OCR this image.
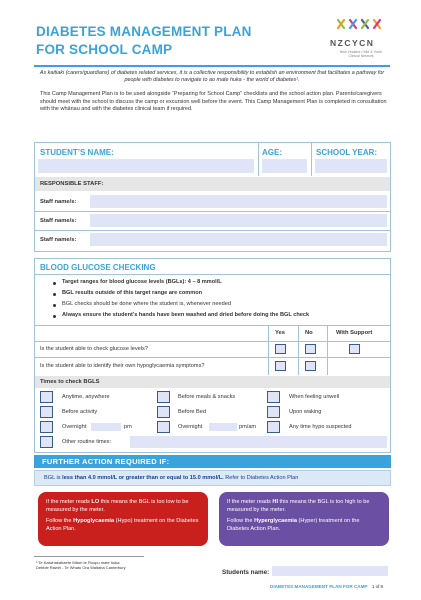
DIABETES MANAGEMENT PLAN
FOR SCHOOL CAMP	NZCYCN
New Zealand Child & Youth Clinical Network
As kaitiaki (carers/guardians) of diabetes related services, it is a collective responsibility to establish an environment that facilitates a pathway for people with diabetes to navigate to ao mate huka - the world of diabetes¹.
This Camp Management Plan is to be used alongside “Preparing for School Camp” checklists and the school action plan. Parents/caregivers should meet with the school to discuss the camp or excursion well before the event. This Camp Management Plan is completed in consultation with the whānau and with the diabetes clinical team if required.
STUDENT’S NAME:	AGE:	SCHOOL YEAR:
RESPONSIBLE STAFF:
Staff name/s:
Staff name/s:
Staff name/s:
BLOOD GLUCOSE CHECKING
Target ranges for blood glucose levels (BGLs): 4 – 8 mmol/L
BGL results outside of this target range are common
BGL checks should be done where the student is, whenever needed
Always ensure the student’s hands have been washed and dried before doing the BGL check
Yes	No	With Support
Is the student able to check glucose levels?
Is the student able to identify their own hypoglycaemia symptoms?
Times to check BGLS
Anytime, anywhere	Before meals & snacks	When feeling unwell
Before activity	Before Bed	Upon waking
Overnight	pm	Overnight	pm/am	Any time hypo suspected
Other routine times:
FURTHER ACTION REQUIRED IF:
BGL is less than 4.0 mmol/L or greater than or equal to 15.0 mmol/L. Refer to Diabetes Action Plan

If the meter reads LO this means the BGL is too low to be measured by the meter.

Follow the Hypoglycaemia (Hypo) treatment on the Diabetes Action Plan.

If the meter reads HI this means the BGL is too high to be measured by the meter.

Follow the Hyperglycaemia (Hyper) treatment on the Diabetes Action Plan.

¹ Te Kaiwhakahaere Māori te Roopu mate huka
Debbie Rawiri - Te Whatu Ora Waitaha Canterbury
Students name:
DIABETES MANAGEMENT PLAN FOR CAMP 1 of 8
